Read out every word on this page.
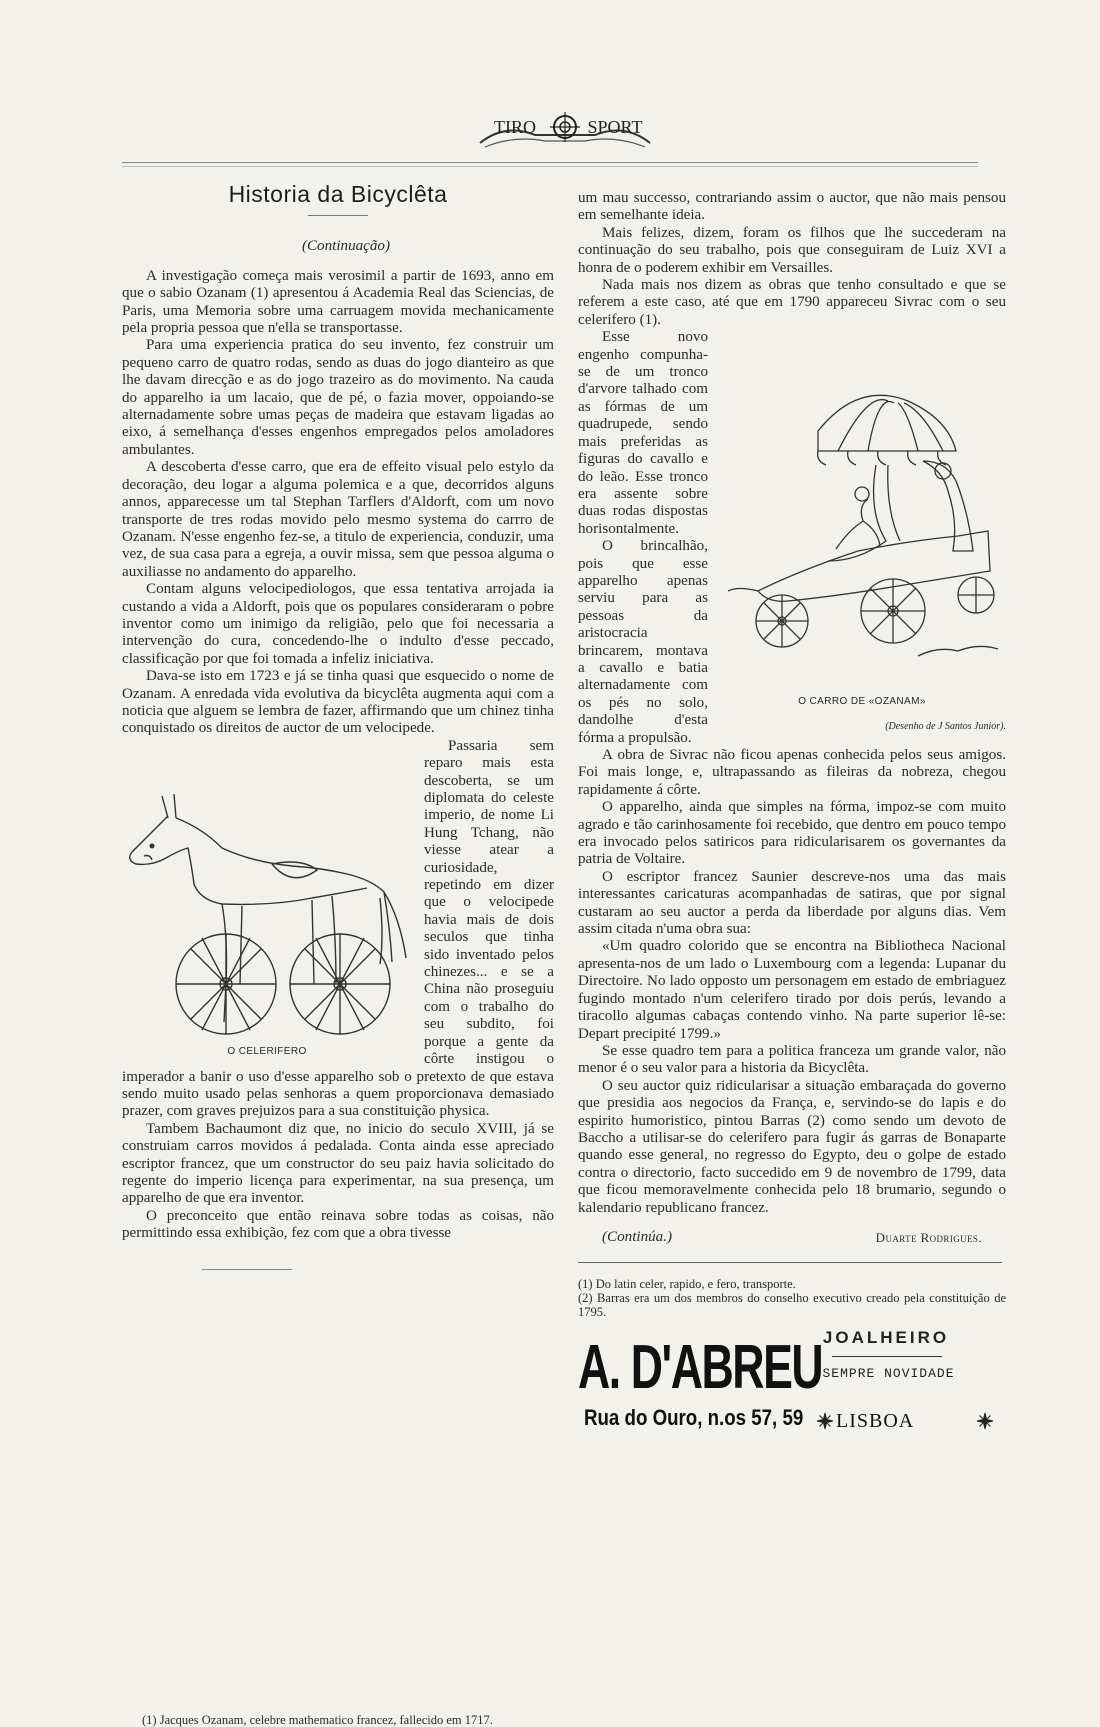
TIRO	SPORT
Historia da Bicyclêta

(Continuação)

A investigação começa mais verosimil a partir de 1693, anno em que o sabio Ozanam (1) apresentou á Academia Real das Sciencias, de Paris, uma Memoria sobre uma carruagem movida mechanicamente pela propria pessoa que n'ella se transportasse.

Para uma experiencia pratica do seu invento, fez construir um pequeno carro de quatro rodas, sendo as duas do jogo dianteiro as que lhe davam direcção e as do jogo trazeiro as do movimento. Na cauda do apparelho ia um lacaio, que de pé, o fazia mover, oppoiando-se alternadamente sobre umas peças de madeira que estavam ligadas ao eixo, á semelhança d'esses engenhos empregados pelos amoladores ambulantes.

A descoberta d'esse carro, que era de effeito visual pelo estylo da decoração, deu logar a alguma polemica e a que, decorridos alguns annos, apparecesse um tal Stephan Tarflers d'Aldorft, com um novo transporte de tres rodas movido pelo mesmo systema do carrro de Ozanam. N'esse engenho fez-se, a titulo de experiencia, conduzir, uma vez, de sua casa para a egreja, a ouvir missa, sem que pessoa alguma o auxiliasse no andamento do apparelho.

Contam alguns velocipediologos, que essa tentativa arrojada ia custando a vida a Aldorft, pois que os populares consideraram o pobre inventor como um inimigo da religião, pelo que foi necessaria a intervenção do cura, concedendo-lhe o indulto d'esse peccado, classificação por que foi tomada a infeliz iniciativa.

Dava-se isto em 1723 e já se tinha quasi que esquecido o nome de Ozanam. A enredada vida evolutiva da bicyclêta augmenta aqui com a noticia que alguem se lembra de fazer, affirmando que um chinez tinha conquistado os direitos de auctor de um velocipede.

O CELERIFERO

Passaria sem reparo mais esta descoberta, se um diplomata do celeste imperio, de nome Li Hung Tchang, não viesse atear a curiosidade, repetindo em dizer que o velocipede havia mais de dois seculos que tinha sido inventado pelos chinezes... e se a China não proseguiu com o trabalho do seu subdito, foi porque a gente da côrte instigou o imperador a banir o uso d'esse apparelho sob o pretexto de que estava sendo muito usado pelas senhoras a quem proporcionava demasiado prazer, com graves prejuizos para a sua constituição physica.

Tambem Bachaumont diz que, no inicio do seculo XVIII, já se construiam carros movidos á pedalada. Conta ainda esse apreciado escriptor francez, que um constructor do seu paiz havia solicitado do regente do imperio licença para experimentar, na sua presença, um apparelho de que era inventor.

O preconceito que então reinava sobre todas as coisas, não permittindo essa exhibição, fez com que a obra tivesse

(1) Jacques Ozanam, celebre mathematico francez, fallecido em 1717.

um mau successo, contrariando assim o auctor, que não mais pensou em semelhante ideia.

Mais felizes, dizem, foram os filhos que lhe succederam na continuação do seu trabalho, pois que conseguiram de Luiz XVI a honra de o poderem exhibir em Versailles.

Nada mais nos dizem as obras que tenho consultado e que se referem a este caso, até que em 1790 appareceu Sivrac com o seu celerifero (1).

O CARRO DE «OZANAM»
(Desenho de J Santos Junior).

Esse novo engenho compunha-se de um tronco d'arvore talhado com as fórmas de um quadrupede, sendo mais preferidas as figuras do cavallo e do leão. Esse tronco era assente sobre duas rodas dispostas horisontalmente.

O brincalhão, pois que esse apparelho apenas serviu para as pessoas da aristocracia brincarem, montava a cavallo e batia alternadamente com os pés no solo, dandolhe d'esta fórma a propulsão.

A obra de Sivrac não ficou apenas conhecida pelos seus amigos. Foi mais longe, e, ultrapassando as fileiras da nobreza, chegou rapidamente á côrte.

O apparelho, ainda que simples na fórma, impoz-se com muito agrado e tão carinhosamente foi recebido, que dentro em pouco tempo era invocado pelos satiricos para ridicularisarem os governantes da patria de Voltaire.

O escriptor francez Saunier descreve-nos uma das mais interessantes caricaturas acompanhadas de satiras, que por signal custaram ao seu auctor a perda da liberdade por alguns dias. Vem assim citada n'uma obra sua:

«Um quadro colorido que se encontra na Bibliotheca Nacional apresenta-nos de um lado o Luxembourg com a legenda: Lupanar du Directoire. No lado opposto um personagem em estado de embriaguez fugindo montado n'um celerifero tirado por dois perús, levando a tiracollo algumas cabaças contendo vinho. Na parte superior lê-se: Depart precipité 1799.»

Se esse quadro tem para a politica franceza um grande valor, não menor é o seu valor para a historia da Bicyclêta.

O seu auctor quiz ridicularisar a situação embaraçada do governo que presidia aos negocios da França, e, servindo-se do lapis e do espirito humoristico, pintou Barras (2) como sendo um devoto de Baccho a utilisar-se do celerifero para fugir ás garras de Bonaparte quando esse general, no regresso do Egypto, deu o golpe de estado contra o directorio, facto succedido em 9 de novembro de 1799, data que ficou memoravelmente conhecida pelo 18 brumario, segundo o kalendario republicano francez.

(Continúa.)	Duarte Rodrigues.

(1) Do latin celer, rapido, e fero, transporte.

(2) Barras era um dos membros do conselho executivo creado pela constituição de 1795.

A. D'ABREU JOALHEIRO
SEMPRE NOVIDADE
Rua do Ouro, n.os 57, 59 LISBOA
